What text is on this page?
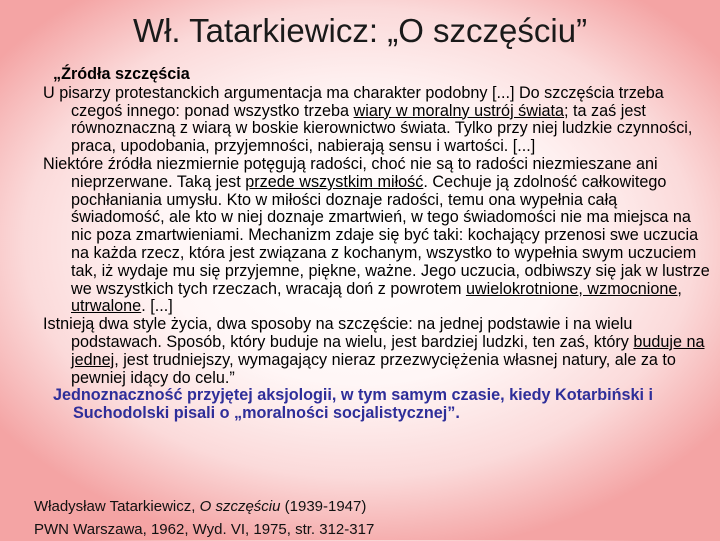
Wł. Tatarkiewicz: „O szczęściu”

„Źródła szczęścia

U pisarzy protestanckich argumentacja ma charakter podobny [...] Do szczęścia trzeba czegoś innego: ponad wszystko trzeba wiary w moralny ustrój świata; ta zaś jest równoznaczną z wiarą w boskie kierownictwo świata. Tylko przy niej ludzkie czynności, praca, upodobania, przyjemności, nabierają sensu i wartości. [...]

Niektóre źródła niezmiernie potęgują radości, choć nie są to radości niezmieszane ani nieprzerwane. Taką jest przede wszystkim miłość. Cechuje ją zdolność całkowitego pochłaniania umysłu. Kto w miłości doznaje radości, temu ona wypełnia całą świadomość, ale kto w niej doznaje zmartwień, w tego świadomości nie ma miejsca na nic poza zmartwieniami. Mechanizm zdaje się być taki: kochający przenosi swe uczucia na każda rzecz, która jest związana z kochanym, wszystko to wypełnia swym uczuciem tak, iż wydaje mu się przyjemne, piękne, ważne. Jego uczucia, odbiwszy się jak w lustrze we wszystkich tych rzeczach, wracają doń z powrotem uwielokrotnione, wzmocnione, utrwalone. [...]

Istnieją dwa style życia, dwa sposoby na szczęście: na jednej podstawie i na wielu podstawach. Sposób, który buduje na wielu, jest bardziej ludzki, ten zaś, który buduje na jednej, jest trudniejszy, wymagający nieraz przezwyciężenia własnej natury, ale za to pewniej idący do celu.”

Jednoznaczność przyjętej aksjologii, w tym samym czasie, kiedy Kotarbiński i Suchodolski pisali o „moralności socjalistycznej”.

Władysław Tatarkiewicz, O szczęściu (1939-1947)
PWN Warszawa, 1962, Wyd. VI, 1975, str. 312-317
